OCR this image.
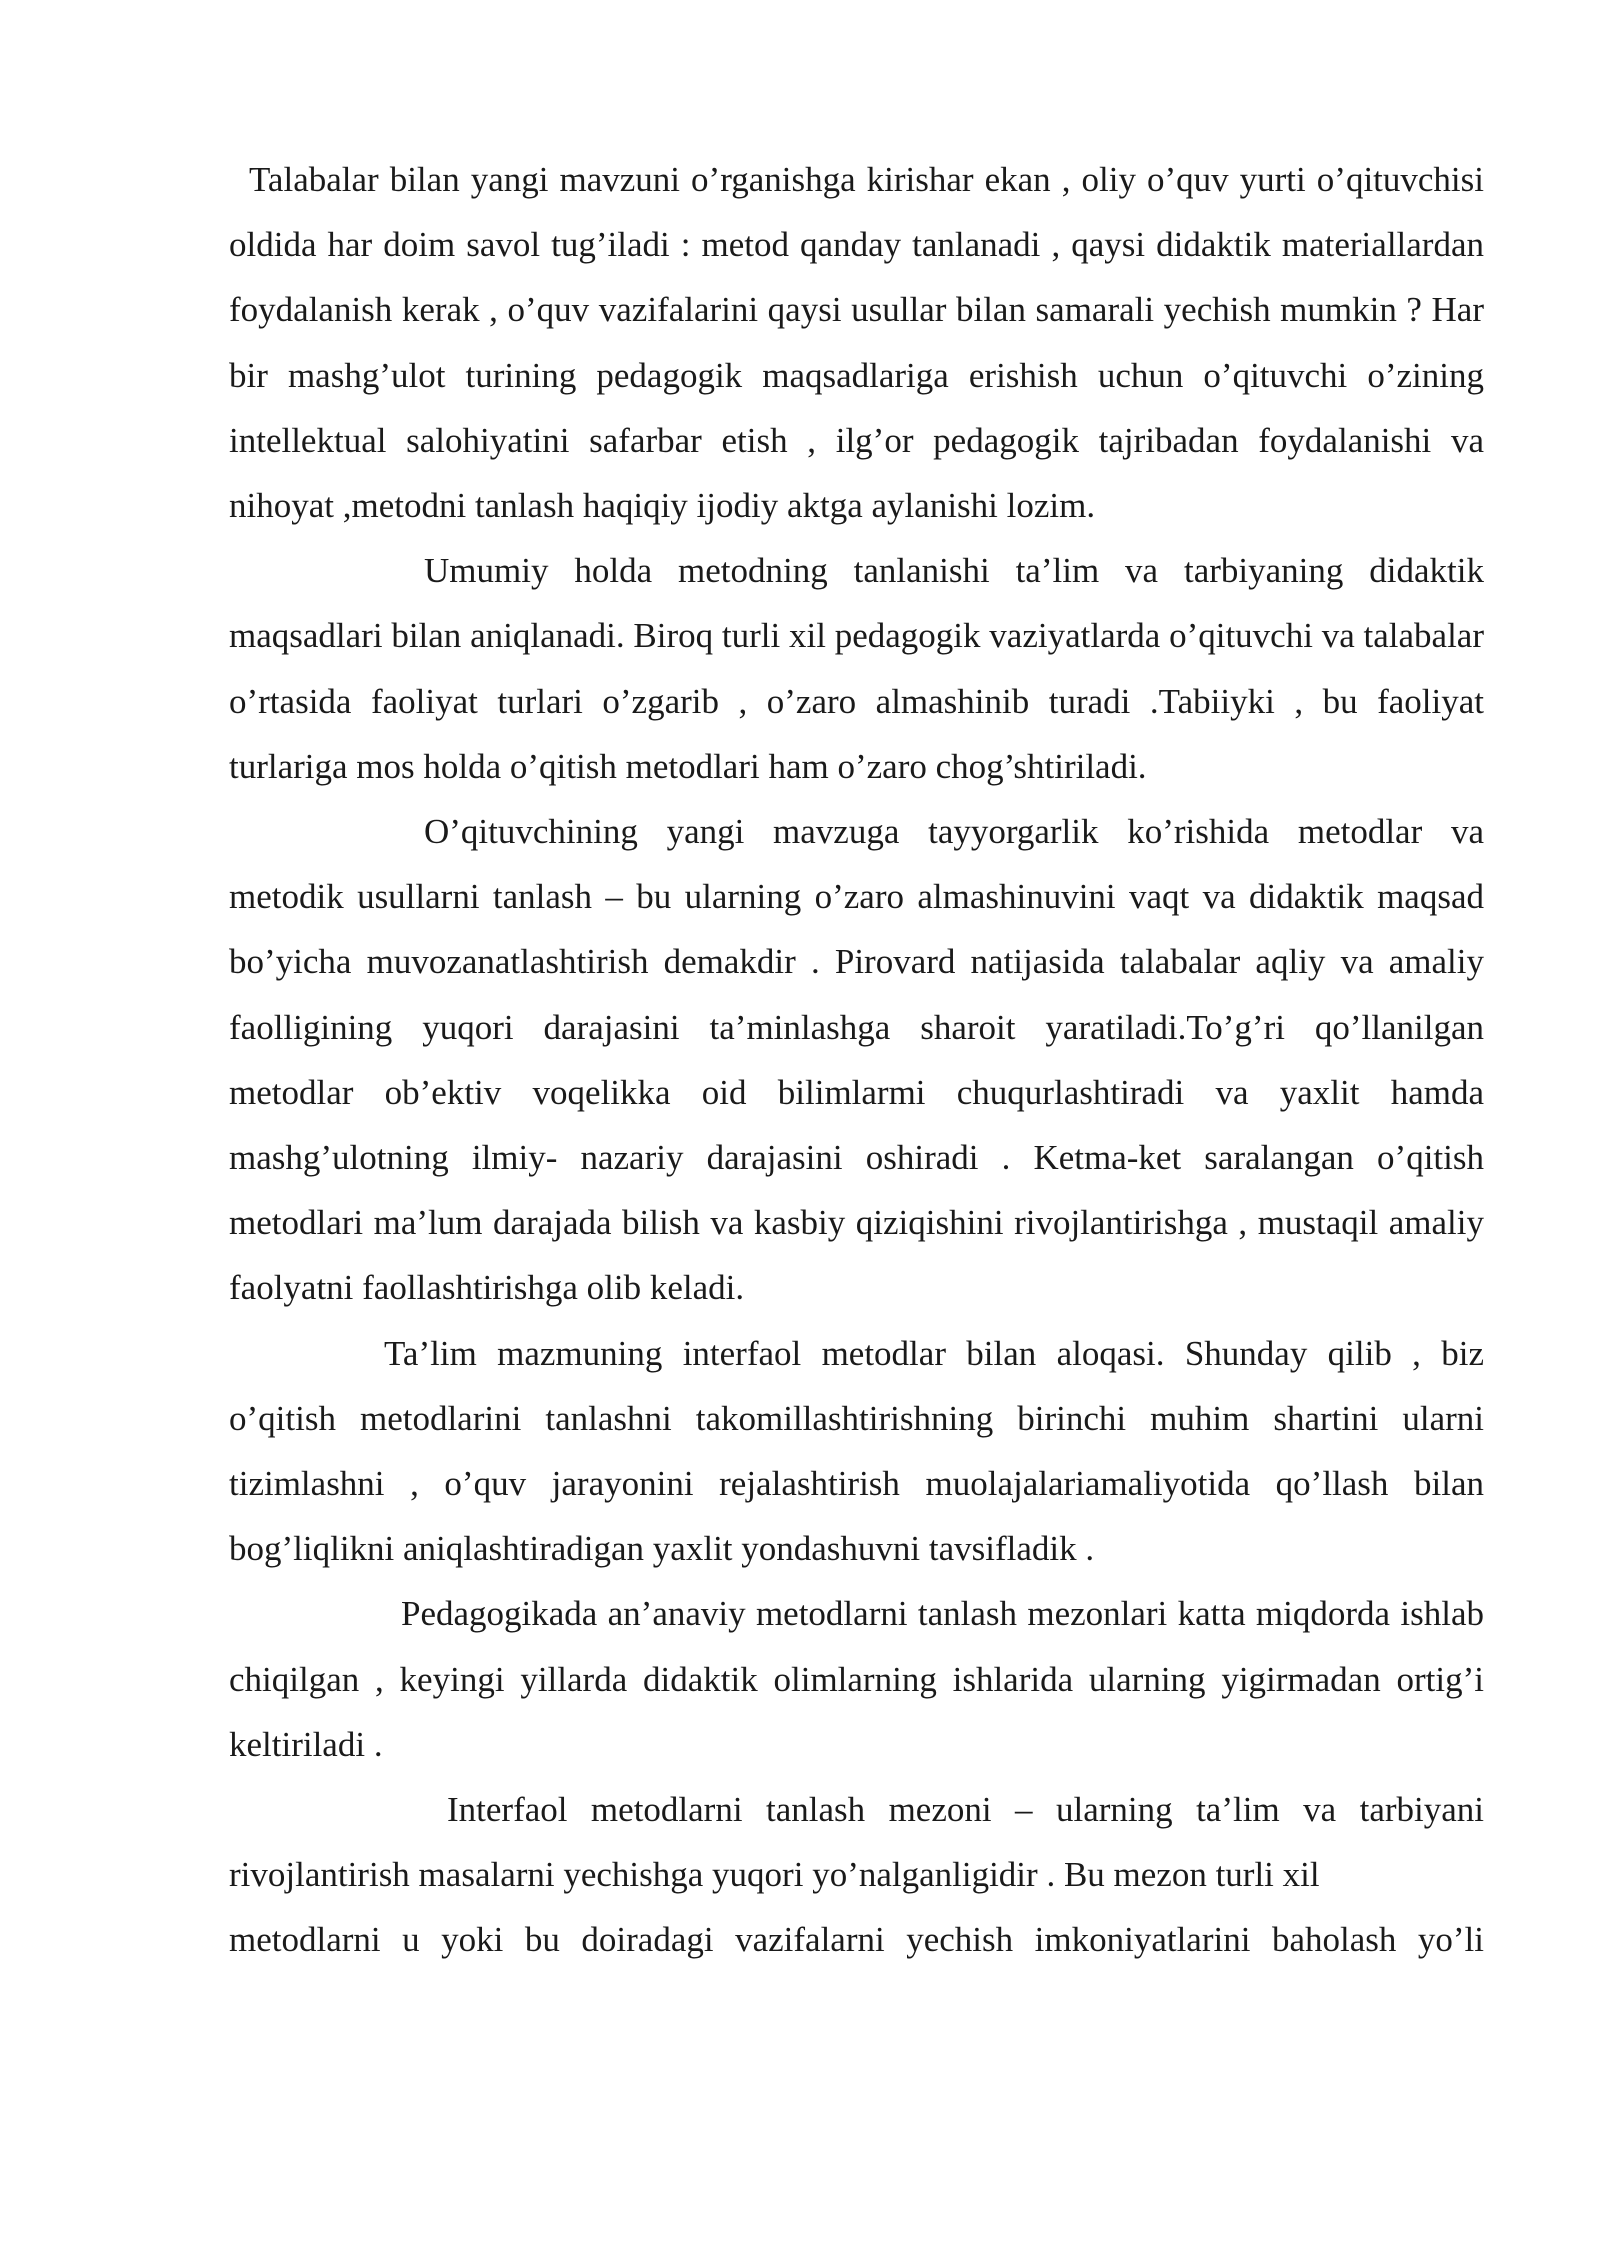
Talabalar bilan yangi mavzuni o’rganishga kirishar ekan , oliy o’quv yurti o’qituvchisi oldida har doim savol tug’iladi : metod qanday tanlanadi , qaysi didaktik materiallardan foydalanish kerak , o’quv vazifalarini qaysi usullar bilan samarali yechish mumkin ? Har bir mashg’ulot turining pedagogik maqsadlariga erishish uchun o’qituvchi o’zining intellektual salohiyatini safarbar etish , ilg’or pedagogik tajribadan foydalanishi va nihoyat ,metodni tanlash haqiqiy ijodiy aktga aylanishi lozim.

Umumiy holda metodning tanlanishi ta’lim va tarbiyaning didaktik maqsadlari bilan aniqlanadi. Biroq turli xil pedagogik vaziyatlarda o’qituvchi va talabalar o’rtasida faoliyat turlari o’zgarib , o’zaro almashinib turadi .Tabiiyki , bu faoliyat turlariga mos holda o’qitish metodlari ham o’zaro chog’shtiriladi.

O’qituvchining yangi mavzuga tayyorgarlik ko’rishida metodlar va metodik usullarni tanlash – bu ularning o’zaro almashinuvini vaqt va didaktik maqsad bo’yicha muvozanatlashtirish demakdir . Pirovard natijasida talabalar aqliy va amaliy faolligining yuqori darajasini ta’minlashga sharoit yaratiladi.To’g’ri qo’llanilgan metodlar ob’ektiv voqelikka oid bilimlarmi chuqurlashtiradi va yaxlit hamda mashg’ulotning ilmiy- nazariy darajasini oshiradi . Ketma-ket saralangan o’qitish metodlari ma’lum darajada bilish va kasbiy qiziqishini rivojlantirishga , mustaqil amaliy faolyatni faollashtirishga olib keladi.

Ta’lim mazmuning interfaol metodlar bilan aloqasi. Shunday qilib , biz o’qitish metodlarini tanlashni takomillashtirishning birinchi muhim shartini ularni tizimlashni , o’quv jarayonini rejalashtirish muolajalariamaliyotida qo’llash bilan bog’liqlikni aniqlashtiradigan yaxlit yondashuvni tavsifladik .

Pedagogikada an’anaviy metodlarni tanlash mezonlari katta miqdorda ishlab chiqilgan , keyingi yillarda didaktik olimlarning ishlarida ularning yigirmadan ortig’i keltiriladi .

Interfaol metodlarni tanlash mezoni – ularning ta’lim va tarbiyani rivojlantirish masalarni yechishga yuqori yo’nalganligidir . Bu mezon turli xil

metodlarni u yoki bu doiradagi vazifalarni yechish imkoniyatlarini baholash yo’li
